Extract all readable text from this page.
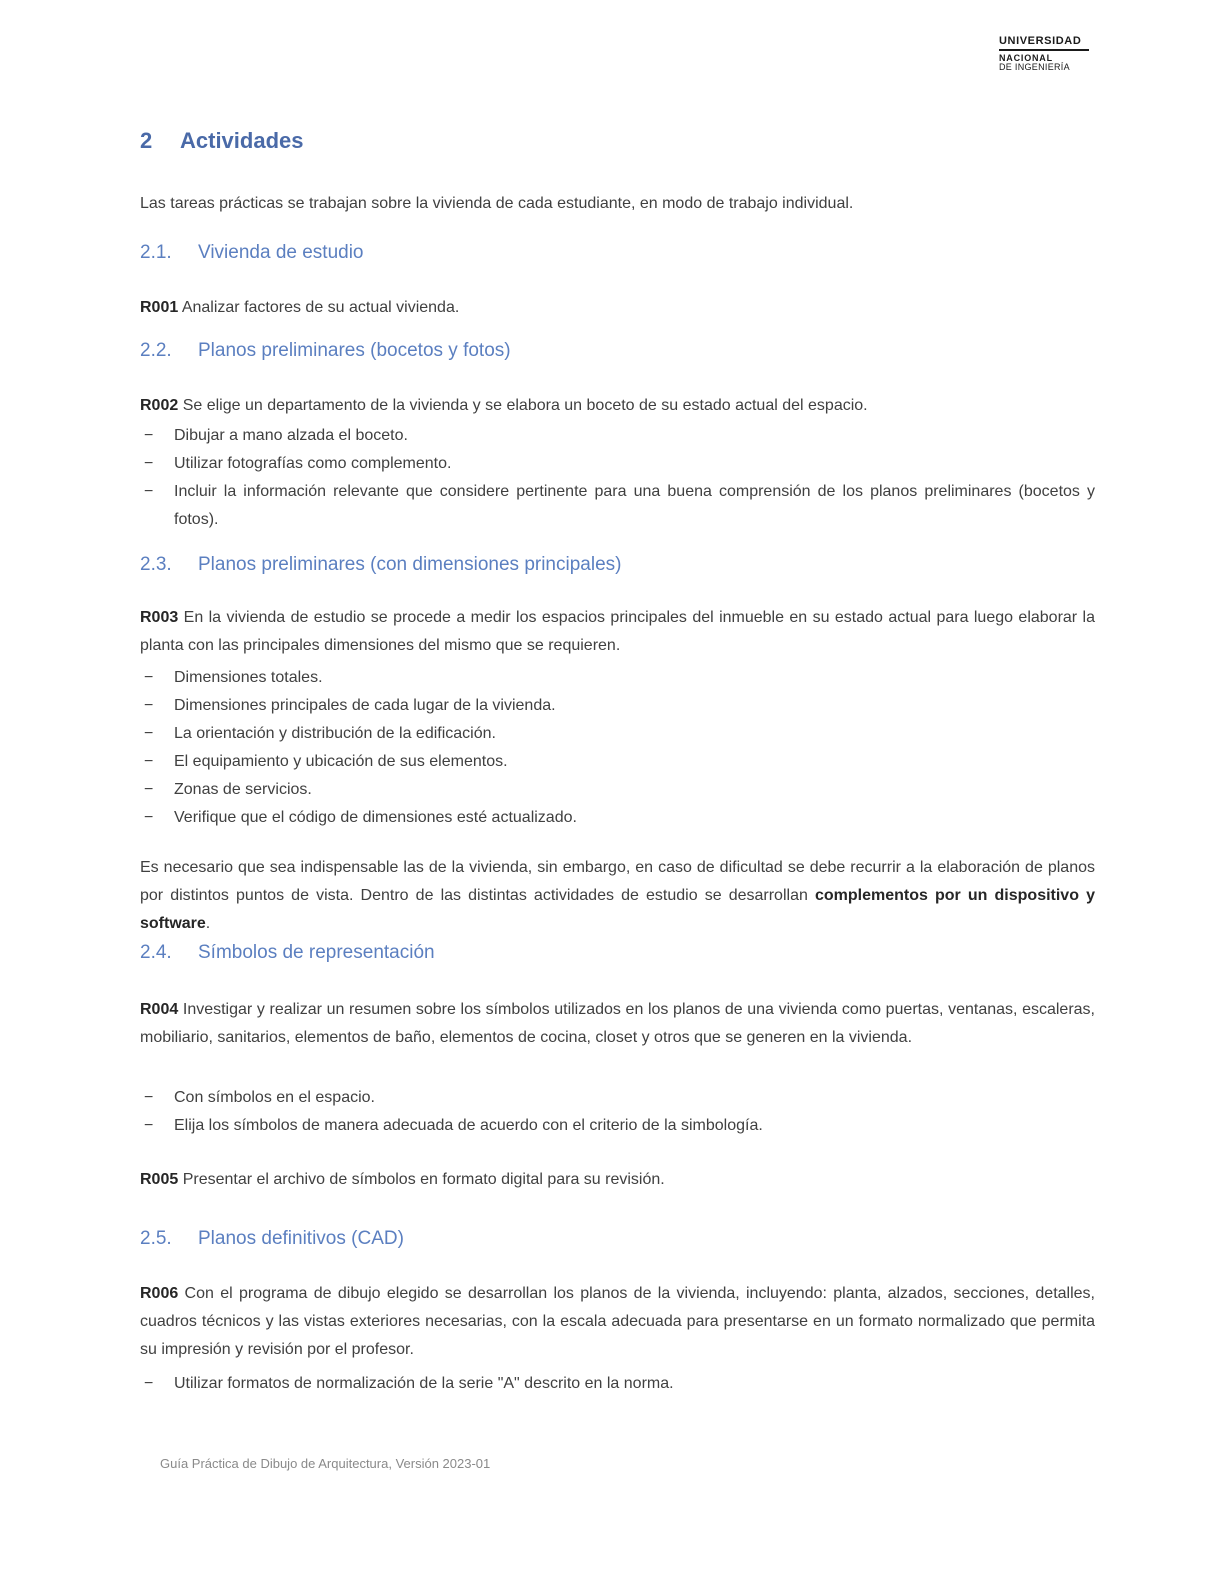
UNIVERSIDAD
NACIONAL
DE INGENIERÍA
2 Actividades
Las tareas prácticas se trabajan sobre la vivienda de cada estudiante, en modo de trabajo individual.
2.1. Vivienda de estudio
R001 Analizar factores de su actual vivienda.
2.2. Planos preliminares (bocetos y fotos)
R002 Se elige un departamento de la vivienda y se elabora un boceto de su estado actual del espacio.
− Dibujar a mano alzada el boceto.
− Utilizar fotografías como complemento.
− Incluir la información relevante que considere pertinente para una buena comprensión de los planos preliminares (bocetos y fotos).
2.3. Planos preliminares (con dimensiones principales)
R003 En la vivienda de estudio se procede a medir los espacios principales del inmueble en su estado actual para luego elaborar la planta con las principales dimensiones del mismo que se requieren.
− Dimensiones totales.
− Dimensiones principales de cada lugar de la vivienda.
− La orientación y distribución de la edificación.
− El equipamiento y ubicación de sus elementos.
− Zonas de servicios.
− Verifique que el código de dimensiones esté actualizado.
Es necesario que sea indispensable las de la vivienda, sin embargo, en caso de dificultad se debe recurrir a la elaboración de planos por distintos puntos de vista. Dentro de las distintas actividades de estudio se desarrollan complementos por un dispositivo y software.
2.4. Símbolos de representación
R004 Investigar y realizar un resumen sobre los símbolos utilizados en los planos de una vivienda como puertas, ventanas, escaleras, mobiliario, sanitarios, elementos de baño, elementos de cocina, closet y otros que se generen en la vivienda.
− Con símbolos en el espacio.
− Elija los símbolos de manera adecuada de acuerdo con el criterio de la simbología.
R005 Presentar el archivo de símbolos en formato digital para su revisión.
2.5. Planos definitivos (CAD)
R006 Con el programa de dibujo elegido se desarrollan los planos de la vivienda, incluyendo: planta, alzados, secciones, detalles, cuadros técnicos y las vistas exteriores necesarias, con la escala adecuada para presentarse en un formato normalizado que permita su impresión y revisión por el profesor.
− Utilizar formatos de normalización de la serie "A" descrito en la norma.
Guía Práctica de Dibujo de Arquitectura, Versión 2023-01
